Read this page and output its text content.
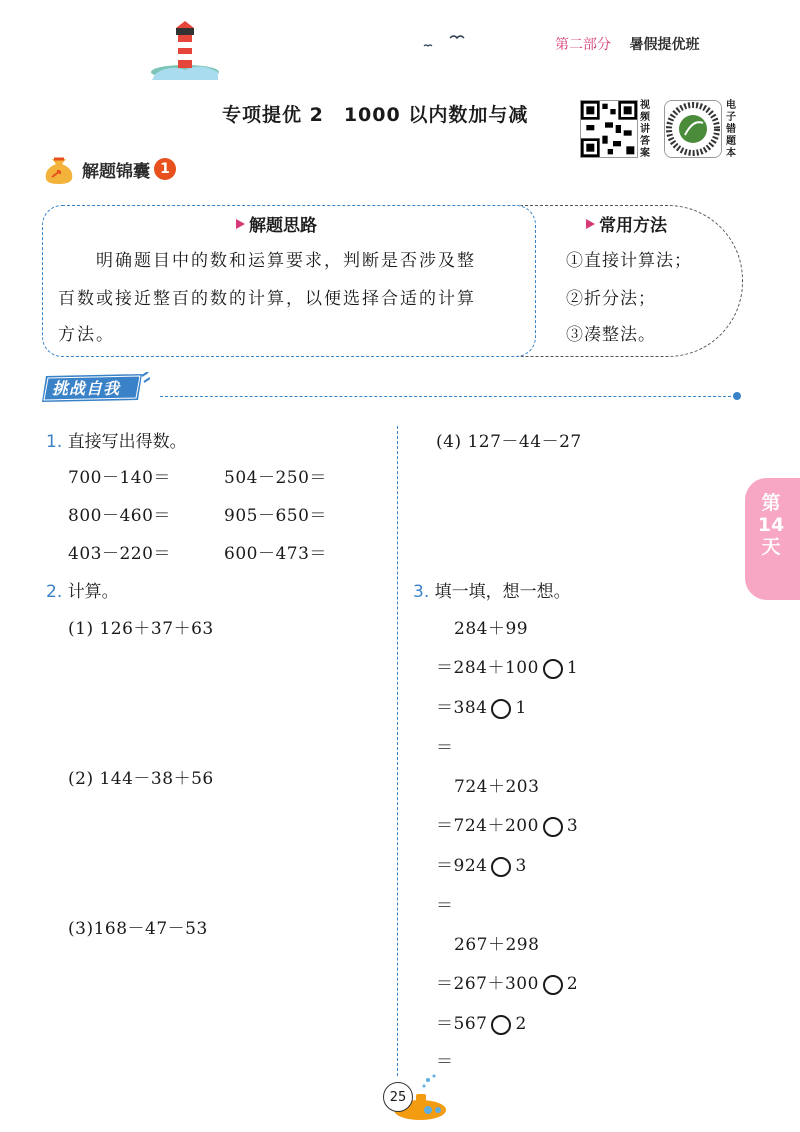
第二部分 暑假提优班
专项提优 2　1000 以内数加与减	视频讲答案
电子错题本
解题锦囊 1
解题思路
　　明确题目中的数和运算要求，判断是否涉及整
百数或接近整百的数的计算，以便选择合适的计算
方法。
常用方法
①直接计算法；
②折分法；
③凑整法。
挑战自我
1. 直接写出得数。
700－140＝	504－250＝
800－460＝	905－650＝
403－220＝	600－473＝
2. 计算。
(1) 126＋37＋63
(2) 144－38＋56
(3)168－47－53
(4) 127－44－27
3. 填一填，想一想。
284＋99
＝284＋100 1
＝384 1
＝
724＋203
＝724＋200 3
＝924 3
＝
267＋298
＝267＋300 2
＝567 2
＝
第14天
25
